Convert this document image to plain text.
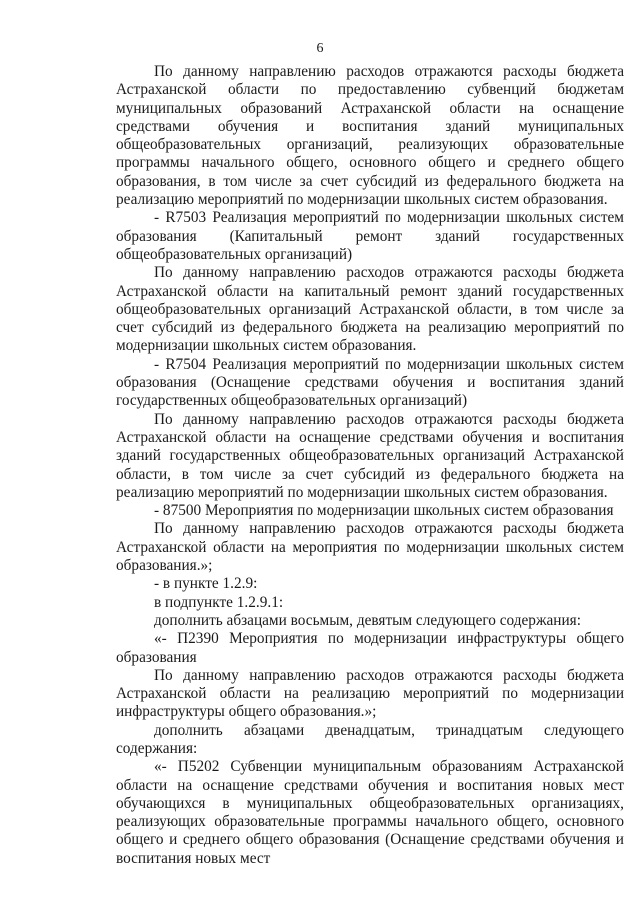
6

По данному направлению расходов отражаются расходы бюджета Астраханской области по предоставлению субвенций бюджетам муниципальных образований Астраханской области на оснащение средствами обучения и воспитания зданий муниципальных общеобразовательных организаций, реализующих образовательные программы начального общего, основного общего и среднего общего образования, в том числе за счет субсидий из федерального бюджета на реализацию мероприятий по модернизации школьных систем образования.

- R7503 Реализация мероприятий по модернизации школьных систем образования (Капитальный ремонт зданий государственных общеобразовательных организаций)

По данному направлению расходов отражаются расходы бюджета Астраханской области на капитальный ремонт зданий государственных общеобразовательных организаций Астраханской области, в том числе за счет субсидий из федерального бюджета на реализацию мероприятий по модернизации школьных систем образования.

- R7504 Реализация мероприятий по модернизации школьных систем образования (Оснащение средствами обучения и воспитания зданий государственных общеобразовательных организаций)

По данному направлению расходов отражаются расходы бюджета Астраханской области на оснащение средствами обучения и воспитания зданий государственных общеобразовательных организаций Астраханской области, в том числе за счет субсидий из федерального бюджета на реализацию мероприятий по модернизации школьных систем образования.

- 87500 Мероприятия по модернизации школьных систем образования

По данному направлению расходов отражаются расходы бюджета Астраханской области на мероприятия по модернизации школьных систем образования.»;

- в пункте 1.2.9:

в подпункте 1.2.9.1:

дополнить абзацами восьмым, девятым следующего содержания:

«- П2390 Мероприятия по модернизации инфраструктуры общего образования

По данному направлению расходов отражаются расходы бюджета Астраханской области на реализацию мероприятий по модернизации инфраструктуры общего образования.»;

дополнить абзацами двенадцатым, тринадцатым следующего содержания:

«- П5202 Субвенции муниципальным образованиям Астраханской области на оснащение средствами обучения и воспитания новых мест обучающихся в муниципальных общеобразовательных организациях, реализующих образовательные программы начального общего, основного общего и среднего общего образования (Оснащение средствами обучения и воспитания новых мест
